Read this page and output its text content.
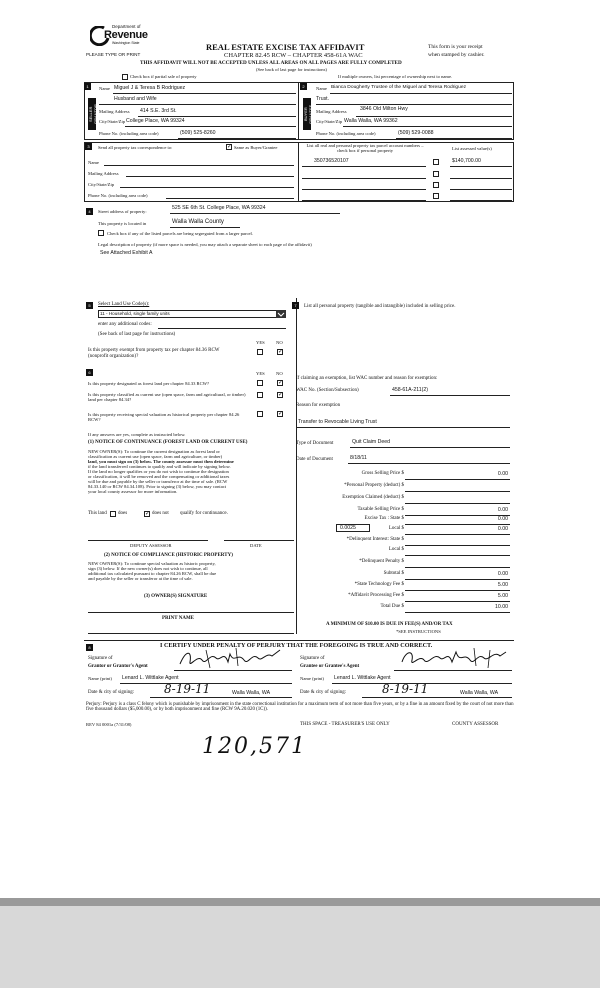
Department of
Revenue
Washington State
PLEASE TYPE OR PRINT
REAL ESTATE EXCISE TAX AFFIDAVIT
CHAPTER 82.45 RCW – CHAPTER 458-61A WAC
THIS AFFIDAVIT WILL NOT BE ACCEPTED UNLESS ALL AREAS ON ALL PAGES ARE FULLY COMPLETED
(See back of last page for instructions)
This form is your receipt
when stamped by cashier.
Check box if partial sale of property	If multiple owners, list percentage of ownership next to name.
1
SELLER GRANTOR
Name Miguel J & Teresa B Rodriguez
Husband and Wife
Mailing Address 414 S.E. 3rd St.
City/State/Zip College Place, WA 99324
Phone No. (including area code)	(509) 525-8260
2
BUYER GRANTEE
Name Bianca Dougherty Trustee of the Miguel and Teresa Rodriguez
Trust.
Mailing Address	3846 Old Milton Hwy
City/State/Zip Walla Walla, WA 99362
Phone No. (including area code)	(509) 529-0088
3	Send all property tax correspondence to: ✓	Same as Buyer/Grantee
Name
Mailing Address
City/State/Zip
Phone No. (including area code)
List all real and personal property tax parcel account numbers – check box if personal property	List assessed value(s)
350736520107	$140,700.00
4	Street address of property:
525 SE 6th St. College Place, WA 99324
This property is located in	Walla Walla County
Check box if any of the listed parcels are being segregated from a larger parcel.
Legal description of property (if more space is needed, you may attach a separate sheet to each page of the affidavit)
See Attached Exhibit A
5	Select Land Use Code(s):
11 - Household, single family units
enter any additional codes:
(See back of last page for instructions)
YES NO
Is this property exempt from property tax per chapter 84.36 RCW (nonprofit organization)?
✓
6	YES NO
Is this property designated as forest land per chapter 84.33 RCW?
✓
Is this property classified as current use (open space, farm and agricultural, or timber) land per chapter 84.34?
✓
Is this property receiving special valuation as historical property per chapter 84.26 RCW?
✓
If any answers are yes, complete as instructed below.
(1) NOTICE OF CONTINUANCE (FOREST LAND OR CURRENT USE)
NEW OWNER(S): To continue the current designation as forest land or
classification as current use (open space, farm and agriculture, or timber)
land, you must sign on (3) below. The county assessor must then determine
if the land transferred continues to qualify and will indicate by signing below.
If the land no longer qualifies or you do not wish to continue the designation
or classification, it will be removed and the compensating or additional taxes
will be due and payable by the seller or transferor at the time of sale. (RCW
84.33.140 or RCW 84.34.108). Prior to signing (3) below, you may contact
your local county assessor for more information.
This land does ✓	does not qualify for continuance.
DEPUTY ASSESSOR	DATE
(2) NOTICE OF COMPLIANCE (HISTORIC PROPERTY)
NEW OWNER(S): To continue special valuation as historic property,
sign (3) below. If the new owner(s) does not wish to continue, all
additional tax calculated pursuant to chapter 84.26 RCW, shall be due
and payable by the seller or transferor at the time of sale.
(3) OWNER(S) SIGNATURE
PRINT NAME
7	List all personal property (tangible and intangible) included in selling price.
If claiming an exemption, list WAC number and reason for exemption:
WAC No. (Section/Subsection)	458-61A-211(2)
Reason for exemption
Transfer to Revocable Living Trust
Type of Document	Quit Claim Deed
Date of Document	8/18/11
Gross Selling Price $	0.00
*Personal Property (deduct) $
Exemption Claimed (deduct) $
Taxable Selling Price $	0.00
Excise Tax : State $	0.00
Local $	0.00
*Delinquent Interest: State $
Local $
*Delinquent Penalty $
Subtotal $	0.00
*State Technology Fee $	5.00
*Affidavit Processing Fee $	5.00
Total Due $	10.00
0.0025
A MINIMUM OF $10.00 IS DUE IN FEE(S) AND/OR TAX
*SEE INSTRUCTIONS
8	I CERTIFY UNDER PENALTY OF PERJURY THAT THE FOREGOING IS TRUE AND CORRECT.
Signature of
Grantor or Grantor's Agent
Name (print) Lenard L. Wittlake Agent
Date & city of signing: 8-19-11	Walla Walla, WA
Signature of
Grantee or Grantee's Agent
Name (print) Lenard L. Wittlake Agent
Date & city of signing:	8-19-11	Walla Walla, WA
Perjury: Perjury is a class C felony which is punishable by imprisonment in the state correctional institution for a maximum term of not more than five years, or by a fine in an amount fixed by the court of not more than five thousand dollars ($5,000.00), or by both imprisonment and fine (RCW 9A.20.020 (1C)).
REV 84 0001a (7/31/08)	THIS SPACE - TREASURER'S USE ONLY	COUNTY ASSESSOR
120,571
